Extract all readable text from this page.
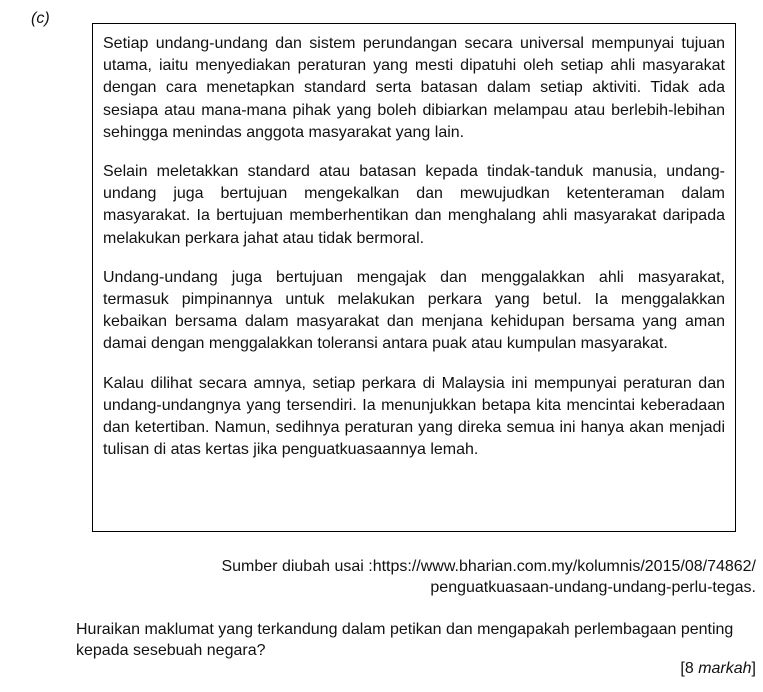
(c)

Setiap undang-undang dan sistem perundangan secara universal mempunyai tujuan utama, iaitu menyediakan peraturan yang mesti dipatuhi oleh setiap ahli masyarakat dengan cara menetapkan standard serta batasan dalam setiap aktiviti. Tidak ada sesiapa atau mana-mana pihak yang boleh dibiarkan melampau atau berlebih-lebihan sehingga menindas anggota masyarakat yang lain.

Selain meletakkan standard atau batasan kepada tindak-tanduk manusia, undang-undang juga bertujuan mengekalkan dan mewujudkan ketenteraman dalam masyarakat. Ia bertujuan memberhentikan dan menghalang ahli masyarakat daripada melakukan perkara jahat atau tidak bermoral.

Undang-undang juga bertujuan mengajak dan menggalakkan ahli masyarakat, termasuk pimpinannya untuk melakukan perkara yang betul. Ia menggalakkan kebaikan bersama dalam masyarakat dan menjana kehidupan bersama yang aman damai dengan menggalakkan toleransi antara puak atau kumpulan masyarakat.

Kalau dilihat secara amnya, setiap perkara di Malaysia ini mempunyai peraturan dan undang-undangnya yang tersendiri. Ia menunjukkan betapa kita mencintai keberadaan dan ketertiban. Namun, sedihnya peraturan yang direka semua ini hanya akan menjadi tulisan di atas kertas jika penguatkuasaannya lemah.

Sumber diubah usai :https://www.bharian.com.my/kolumnis/2015/08/74862/
penguatkuasaan-undang-undang-perlu-tegas.
Huraikan maklumat yang terkandung dalam petikan dan mengapakah perlembagaan penting kepada sesebuah negara?
[8 markah]
